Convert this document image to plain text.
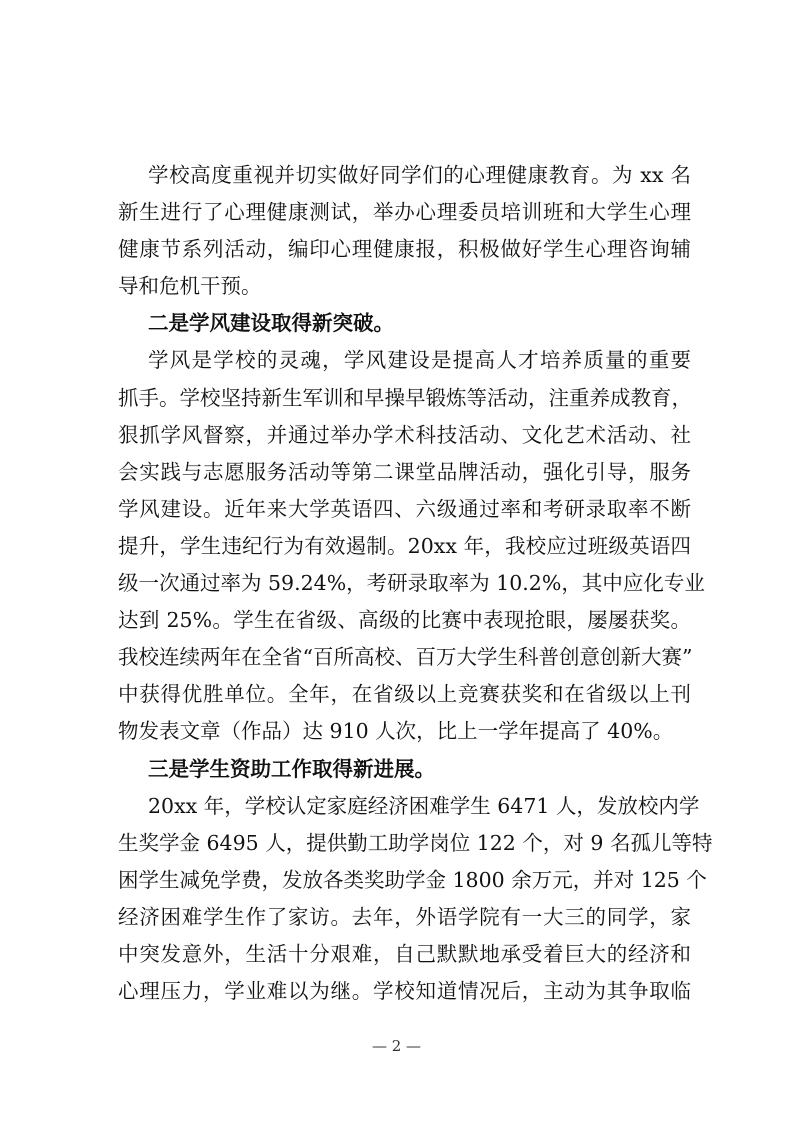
学校高度重视并切实做好同学们的心理健康教育。为 xx 名
新生进行了心理健康测试，举办心理委员培训班和大学生心理
健康节系列活动，编印心理健康报，积极做好学生心理咨询辅
导和危机干预。
二是学风建设取得新突破。
学风是学校的灵魂，学风建设是提高人才培养质量的重要
抓手。学校坚持新生军训和早操早锻炼等活动，注重养成教育，
狠抓学风督察，并通过举办学术科技活动、文化艺术活动、社
会实践与志愿服务活动等第二课堂品牌活动，强化引导，服务
学风建设。近年来大学英语四、六级通过率和考研录取率不断
提升，学生违纪行为有效遏制。20xx 年，我校应过班级英语四
级一次通过率为 59.24%，考研录取率为 10.2%，其中应化专业
达到 25%。学生在省级、高级的比赛中表现抢眼，屡屡获奖。
我校连续两年在全省“百所高校、百万大学生科普创意创新大赛”
中获得优胜单位。全年，在省级以上竞赛获奖和在省级以上刊
物发表文章（作品）达 910 人次，比上一学年提高了 40%。
三是学生资助工作取得新进展。
20xx 年，学校认定家庭经济困难学生 6471 人，发放校内学
生奖学金 6495 人，提供勤工助学岗位 122 个，对 9 名孤儿等特
困学生减免学费，发放各类奖助学金 1800 余万元，并对 125 个
经济困难学生作了家访。去年，外语学院有一大三的同学，家
中突发意外，生活十分艰难，自己默默地承受着巨大的经济和
心理压力，学业难以为继。学校知道情况后，主动为其争取临
— 2 —
